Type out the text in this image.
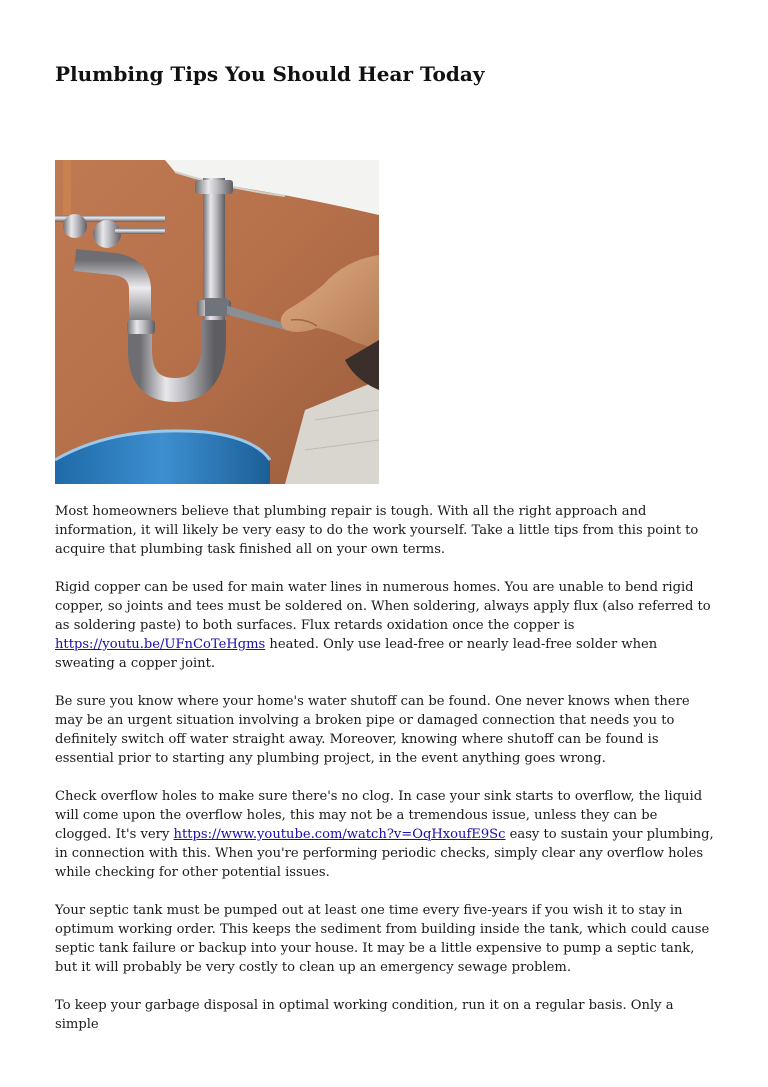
Plumbing Tips You Should Hear Today

Most homeowners believe that plumbing repair is tough. With all the right approach and information, it will likely be very easy to do the work yourself. Take a little tips from this point to acquire that plumbing task finished all on your own terms.

Rigid copper can be used for main water lines in numerous homes. You are unable to bend rigid copper, so joints and tees must be soldered on. When soldering, always apply flux (also referred to as soldering paste) to both surfaces. Flux retards oxidation once the copper is https://youtu.be/UFnCoTeHgms heated. Only use lead-free or nearly lead-free solder when sweating a copper joint.

Be sure you know where your home's water shutoff can be found. One never knows when there may be an urgent situation involving a broken pipe or damaged connection that needs you to definitely switch off water straight away. Moreover, knowing where shutoff can be found is essential prior to starting any plumbing project, in the event anything goes wrong.

Check overflow holes to make sure there's no clog. In case your sink starts to overflow, the liquid will come upon the overflow holes, this may not be a tremendous issue, unless they can be clogged. It's very https://www.youtube.com/watch?v=OqHxoufE9Sc easy to sustain your plumbing, in connection with this. When you're performing periodic checks, simply clear any overflow holes while checking for other potential issues.

Your septic tank must be pumped out at least one time every five-years if you wish it to stay in optimum working order. This keeps the sediment from building inside the tank, which could cause septic tank failure or backup into your house. It may be a little expensive to pump a septic tank, but it will probably be very costly to clean up an emergency sewage problem.

To keep your garbage disposal in optimal working condition, run it on a regular basis. Only a simple
